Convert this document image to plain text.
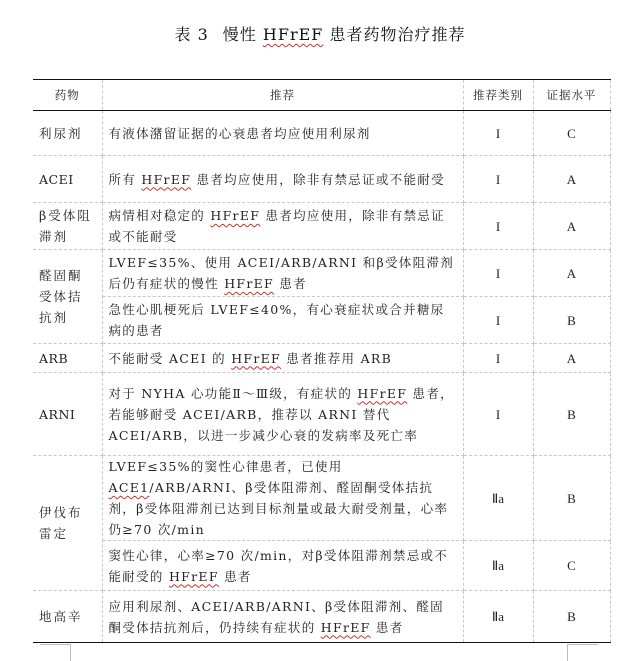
表 3 慢性 HFrEF 患者药物治疗推荐
药物	推荐	推荐类别	证据水平
利尿剂	有液体潴留证据的心衰患者均应使用利尿剂	I	C
ACEI	所有 HFrEF 患者均应使用，除非有禁忌证或不能耐受	I	A
β受体阻滞剂	病情相对稳定的 HFrEF 患者均应使用，除非有禁忌证或不能耐受	I	A
醛固酮受体拮抗剂	LVEF≤35%、使用 ACEI/ARB/ARNI 和β受体阻滞剂后仍有症状的慢性 HFrEF 患者	I	A
	急性心肌梗死后 LVEF≤40%，有心衰症状或合并糖尿病的患者	I	B
ARB	不能耐受 ACEI 的 HFrEF 患者推荐用 ARB	I	A
ARNI	对于 NYHA 心功能Ⅱ～Ⅲ级，有症状的 HFrEF 患者，若能够耐受 ACEI/ARB，推荐以 ARNI 替代 ACEI/ARB，以进一步减少心衰的发病率及死亡率	I	B
伊伐布雷定	LVEF≤35%的窦性心律患者，已使用 ACE1/ARB/ARNI、β受体阻滞剂、醛固酮受体拮抗剂，β受体阻滞剂已达到目标剂量或最大耐受剂量，心率仍≥70 次/min	Ⅱa	B
	窦性心律，心率≥70 次/min，对β受体阻滞剂禁忌或不能耐受的 HFrEF 患者	Ⅱa	C
地高辛	应用利尿剂、ACEI/ARB/ARNI、β受体阻滞剂、醛固酮受体拮抗剂后，仍持续有症状的 HFrEF 患者	Ⅱa	B
